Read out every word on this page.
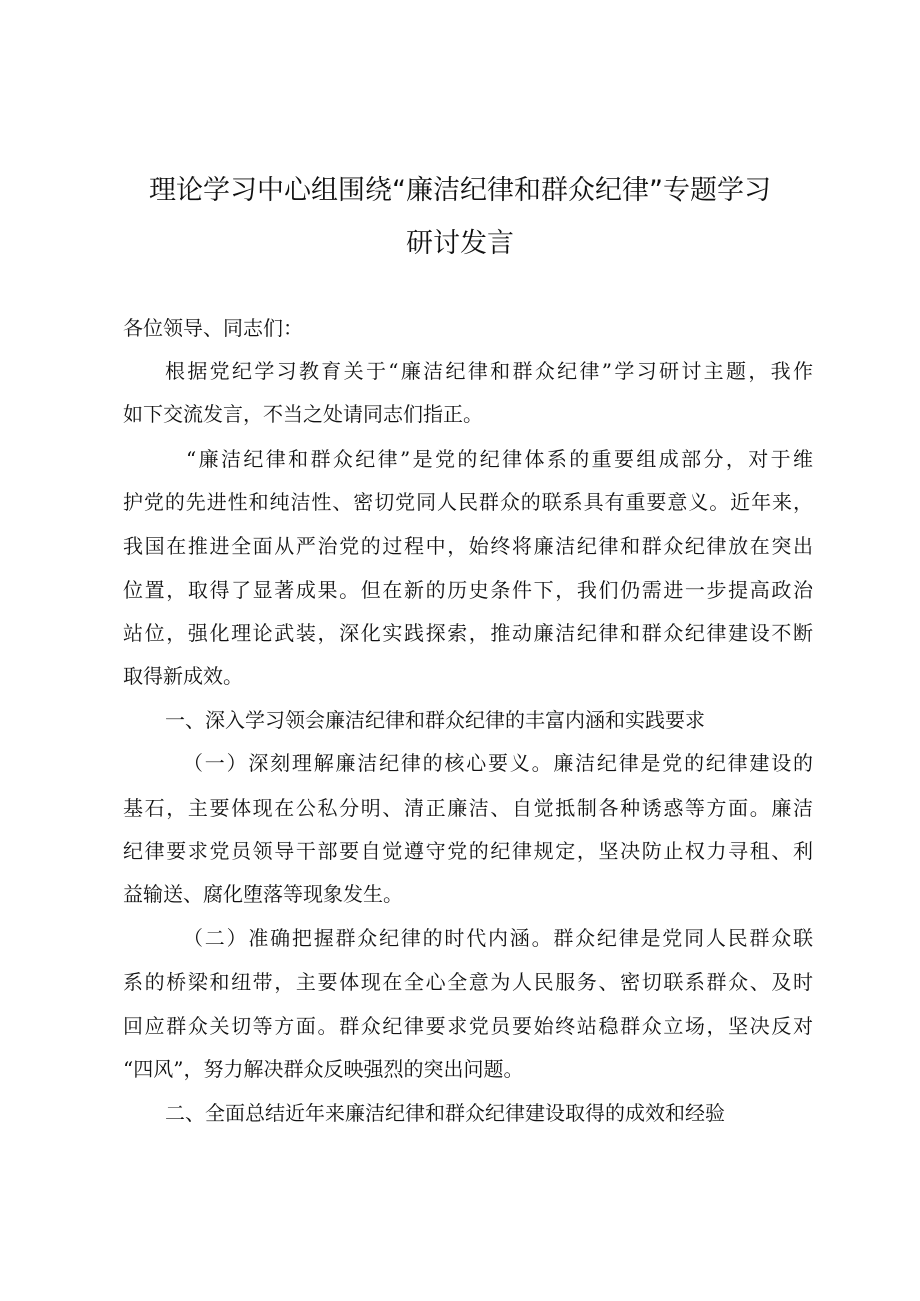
理论学习中心组围绕“廉洁纪律和群众纪律”专题学习
研讨发言
各位领导、同志们：
根据党纪学习教育关于“廉洁纪律和群众纪律”学习研讨主题，我作
如下交流发言，不当之处请同志们指正。
“廉洁纪律和群众纪律”是党的纪律体系的重要组成部分，对于维
护党的先进性和纯洁性、密切党同人民群众的联系具有重要意义。近年来，
我国在推进全面从严治党的过程中，始终将廉洁纪律和群众纪律放在突出
位置，取得了显著成果。但在新的历史条件下，我们仍需进一步提高政治
站位，强化理论武装，深化实践探索，推动廉洁纪律和群众纪律建设不断
取得新成效。
一、深入学习领会廉洁纪律和群众纪律的丰富内涵和实践要求
（一）深刻理解廉洁纪律的核心要义。廉洁纪律是党的纪律建设的
基石，主要体现在公私分明、清正廉洁、自觉抵制各种诱惑等方面。廉洁
纪律要求党员领导干部要自觉遵守党的纪律规定，坚决防止权力寻租、利
益输送、腐化堕落等现象发生。
（二）准确把握群众纪律的时代内涵。群众纪律是党同人民群众联
系的桥梁和纽带，主要体现在全心全意为人民服务、密切联系群众、及时
回应群众关切等方面。群众纪律要求党员要始终站稳群众立场，坚决反对
“四风”，努力解决群众反映强烈的突出问题。
二、全面总结近年来廉洁纪律和群众纪律建设取得的成效和经验
